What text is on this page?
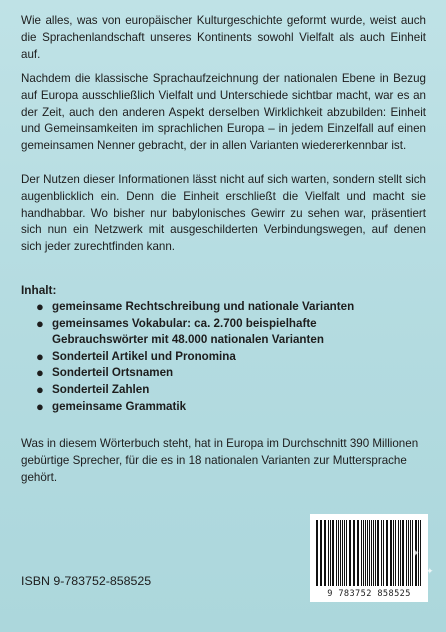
Wie alles, was von europäischer Kulturgeschichte geformt wurde, weist auch die Sprachenlandschaft unseres Kontinents sowohl Vielfalt als auch Einheit auf.

Nachdem die klassische Sprachaufzeichnung der nationalen Ebene in Bezug auf Europa ausschließlich Vielfalt und Unterschiede sichtbar macht, war es an der Zeit, auch den anderen Aspekt derselben Wirklichkeit abzubilden: Einheit und Gemeinsamkeiten im sprachlichen Europa – in jedem Einzelfall auf einen gemeinsamen Nenner gebracht, der in allen Varianten wiedererkennbar ist.

Der Nutzen dieser Informationen lässt nicht auf sich warten, sondern stellt sich augenblicklich ein. Denn die Einheit erschließt die Vielfalt und macht sie handhabbar. Wo bisher nur babylonisches Gewirr zu sehen war, präsentiert sich nun ein Netzwerk mit ausgeschilderten Verbindungswegen, auf denen sich jeder zurechtfinden kann.

Inhalt:

● gemeinsame Rechtschreibung und nationale Varianten
● gemeinsames Vokabular: ca. 2.700 beispielhafte
Gebrauchswörter mit 48.000 nationalen Varianten
● Sonderteil Artikel und Pronomina
● Sonderteil Ortsnamen
● Sonderteil Zahlen
● gemeinsame Grammatik

Was in diesem Wörterbuch steht, hat in Europa im Durchschnitt 390 Millionen gebürtige Sprecher, für die es in 18 nationalen Varianten zur Muttersprache gehört.

ISBN 9-783752-858525

9 783752 858525
✦
✦
✦
